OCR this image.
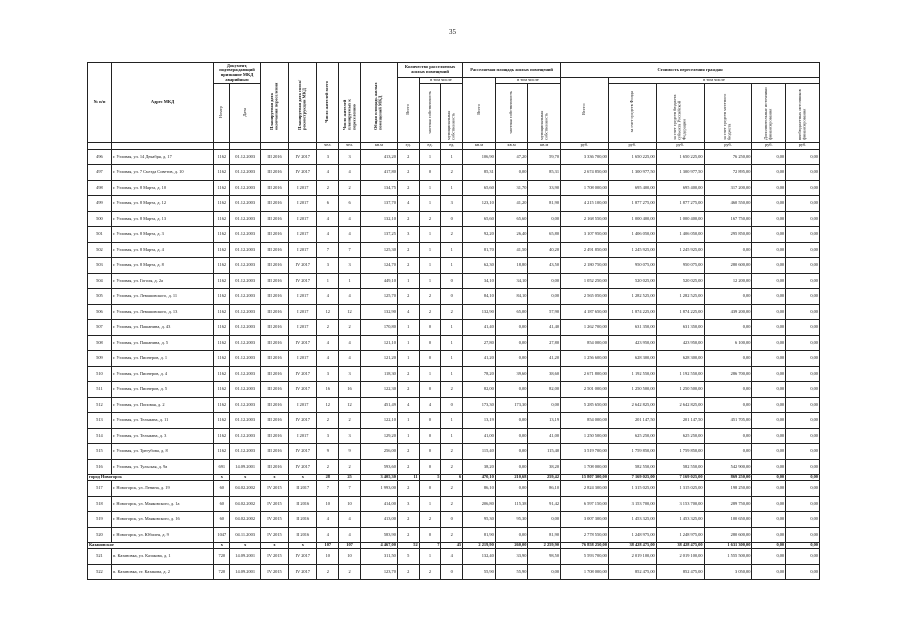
35
№ п/п	Адрес МКД	Документ, подтверждающий признание МКД аварийным		Планируемая дата окончания переселения	Планируемая дата сноса/ реконструкции МКД	Число жителей всего	Число жителей планируемых к переселению	Общая площадь жилых помещений МКД	Количество расселяемых жилых помещений			Расселяемая площадь жилых помещений			Стоимость переселения граждан					
									Всего	в том числе		Всего	в том числе		Всего:	в том числе				
		Номер	Дата							частная собственность	муниципальная собственность		частная собственность	муниципальная собственность		за счет средств Фонда	за счет средств бюджета субъекта Российской Федерации	за счет средств местного бюджета	Дополнительные источники финансирования	внебюджетных источников финансирования
						чел.	чел.	кв.м	ед.	ед.	ед.	кв.м	кв.м	кв.м	руб.	руб.	руб.	руб.	руб.	руб.
496	г. Узловая, ул. 14 Декабря, д. 17	1162	01.12.2003	III 2016	IV 2017	3	3	413,20	2	1	1	106,90	47,20	59,70	3 336 700,00	1 650 225,00	1 650 225,00	76 250,00	0,00	0,00
497	г. Узловая, ул. 7 Съезда Советов, д. 10	1162	01.12.2003	III 2016	IV 2017	4	4	417,80	2	0	2	85,31	0,00	85,31	2 674 850,00	1 300 977,50	1 300 977,50	72 895,00	0,00	0,00
498	г. Узловая, ул. 8 Марта, д. 10	1162	01.12.2003	III 2016	I 2017	2	2	134,75	2	1	1	65,60	31,70	33,90	1 708 000,00	695 400,00	695 400,00	317 200,00	0,00	0,00
499	г. Узловая, ул. 8 Марта, д. 12	1162	01.12.2003	III 2016	I 2017	6	6	137,70	4	1	3	123,10	41,20	81,90	4 215 100,00	1 877 275,00	1 877 275,00	460 550,00	0,00	0,00
500	г. Узловая, ул. 8 Марта, д. 13	1162	01.12.2003	III 2016	I 2017	4	4	132,10	2	2	0	65,60	65,60	0,00	2 168 550,00	1 000 400,00	1 000 400,00	167 750,00	0,00	0,00
501	г. Узловая, ул. 8 Марта, д. 3	1162	01.12.2003	III 2016	I 2017	4	4	137,25	3	1	2	92,20	26,40	65,80	3 107 950,00	1 406 050,00	1 406 050,00	295 850,00	0,00	0,00
502	г. Узловая, ул. 8 Марта, д. 4	1162	01.12.2003	III 2016	I 2017	7	7	125,30	2	1	1	81,70	41,50	40,20	2 491 850,00	1 245 925,00	1 245 925,00	0,00	0,00	0,00
503	г. Узловая, ул. 8 Марта, д. 8	1162	01.12.2003	III 2016	IV 2017	3	3	124,70	2	1	1	62,30	18,80	43,50	2 180 750,00	950 075,00	950 075,00	280 600,00	0,00	0,00
504	г. Узловая, ул. Гоголя, д. 2а	1162	01.12.2003	III 2016	IV 2017	1	1	449,10	1	1	0	34,10	34,10	0,00	1 052 250,00	520 025,00	520 025,00	12 200,00	0,00	0,00
505	г. Узловая, ул. Левашовского, д. 11	1162	01.12.2003	III 2016	I 2017	4	4	125,70	2	2	0	84,10	84,10	0,00	2 565 050,00	1 282 525,00	1 282 525,00	0,00	0,00	0,00
506	г. Узловая, ул. Левашовского, д. 13	1162	01.12.2003	III 2016	I 2017	12	12	132,90	4	2	2	132,90	65,00	57,90	4 187 650,00	1 874 225,00	1 874 225,00	439 200,00	0,00	0,00
507	г. Узловая, ул. Пашанина, д. 43	1162	01.12.2003	III 2016	I 2017	2	2	170,80	1	0	1	41,40	0,00	41,40	1 262 700,00	631 350,00	631 350,00	0,00	0,00	0,00
508	г. Узловая, ул. Пашанина, д. 5	1162	01.12.2003	III 2016	IV 2017	4	4	121,10	1	0	1	27,80	0,00	27,80	854 000,00	423 950,00	423 950,00	6 100,00	0,00	0,00
509	г. Узловая, ул. Пионеров, д. 1	1162	01.12.2003	III 2016	I 2017	4	4	121,20	1	0	1	41,20	0,00	41,20	1 256 600,00	628 300,00	628 300,00	0,00	0,00	0,00
510	г. Узловая, ул. Пионеров, д. 4	1162	01.12.2003	III 2016	IV 2017	3	3	118,30	2	1	1	78,20	39,60	38,60	2 671 800,00	1 192 550,00	1 192 550,00	286 700,00	0,00	0,00
511	г. Узловая, ул. Пионеров, д. 5	1162	01.12.2003	III 2016	IV 2017	16	16	122,30	2	0	2	82,00	0,00	82,00	2 501 000,00	1 250 500,00	1 250 500,00	0,00	0,00	0,00
512	г. Узловая, ул. Поповая, д. 2	1162	01.12.2003	III 2016	I 2017	12	12	451,49	4	4	0	173,30	173,30	0,00	5 285 650,00	2 642 825,00	2 642 825,00	0,00	0,00	0,00
513	г. Узловая, ул. Тельмана, д. 11	1162	01.12.2003	III 2016	IV 2017	2	2	122,10	1	0	1	13,19	0,00	13,19	854 000,00	201 147,50	201 147,50	451 705,00	0,00	0,00
514	г. Узловая, ул. Тельмана, д. 3	1162	01.12.2003	III 2016	I 2017	3	3	129,20	1	0	1	41,00	0,00	41,00	1 250 500,00	625 250,00	625 250,00	0,00	0,00	0,00
515	г. Узловая, ул. Трегубова, д. 8	1162	01.12.2003	III 2016	IV 2017	9	9	256,00	2	0	2	115,40	0,00	115,40	3 519 700,00	1 759 850,00	1 759 850,00	0,00	0,00	0,00
516	г. Узловая, ул. Тульская, д. 9а	691	14.09.2001	III 2016	IV 2017	2	2	593,60	2	0	2	38,20	0,00	38,20	1 708 000,00	582 550,00	582 550,00	542 900,00	0,00	0,00
город Новогорск		x	x	x	x	28	25	3 405,30	11	5	6	470,10	210,68	259,42	15 807 300,00	7 169 025,00	7 169 025,00	869 250,00	0,00	0,00
517	г. Новогорск, ул. Ленина, д. 19	60	04.02.2002	IV 2015	II 2017	7	7	1 993,00	2	0	2	86,10	0,00	86,10	2 824 300,00	1 315 025,00	1 315 025,00	198 250,00	0,00	0,00
518	г. Новогорск, ул. Маяковского, д. 1а	60	04.02.2002	IV 2015	II 2016	10	10	414,00	3	1	2	206,80	115,38	91,42	6 597 150,00	3 153 700,00	3 153 700,00	289 750,00	0,00	0,00
519	г. Новогорск, ул. Маяковского, д. 16	60	04.02.2002	IV 2015	II 2016	4	4	413,00	2	2	0	95,30	95,30	0,00	3 007 300,00	1 453 325,00	1 453 325,00	100 650,00	0,00	0,00
520	г. Новогорск, ул. Юбилея, д. 9	1047	04.11.2003	IV 2015	II 2016	4	4	583,90	2	0	2	81,90	0,00	81,90	2 778 550,00	1 248 975,00	1 248 975,00	280 600,00	0,00	0,00
Казановское		x	x	x	x	107	107	4 467,00	52	7	45	2 219,90	260,00	2 259,90	76 858 250,00	38 428 475,00	38 428 475,00	1 631 300,00	0,00	0,00
521	п. Казановка, ул. Казакова, д. 1	720	14.09.2001	IV 2015	IV 2017	10	10	311,50	5	1	4	132,40	33,90	98,50	5 593 700,00	2 019 100,00	2 019 100,00	1 555 500,00	0,00	0,00
522	п. Казановка, ст. Казакова, д. 2	720	14.09.2001	IV 2015	IV 2017	2	2	123,70	2	2	0	55,90	55,90	0,00	1 708 000,00	852 475,00	852 475,00	3 050,00	0,00	0,00
